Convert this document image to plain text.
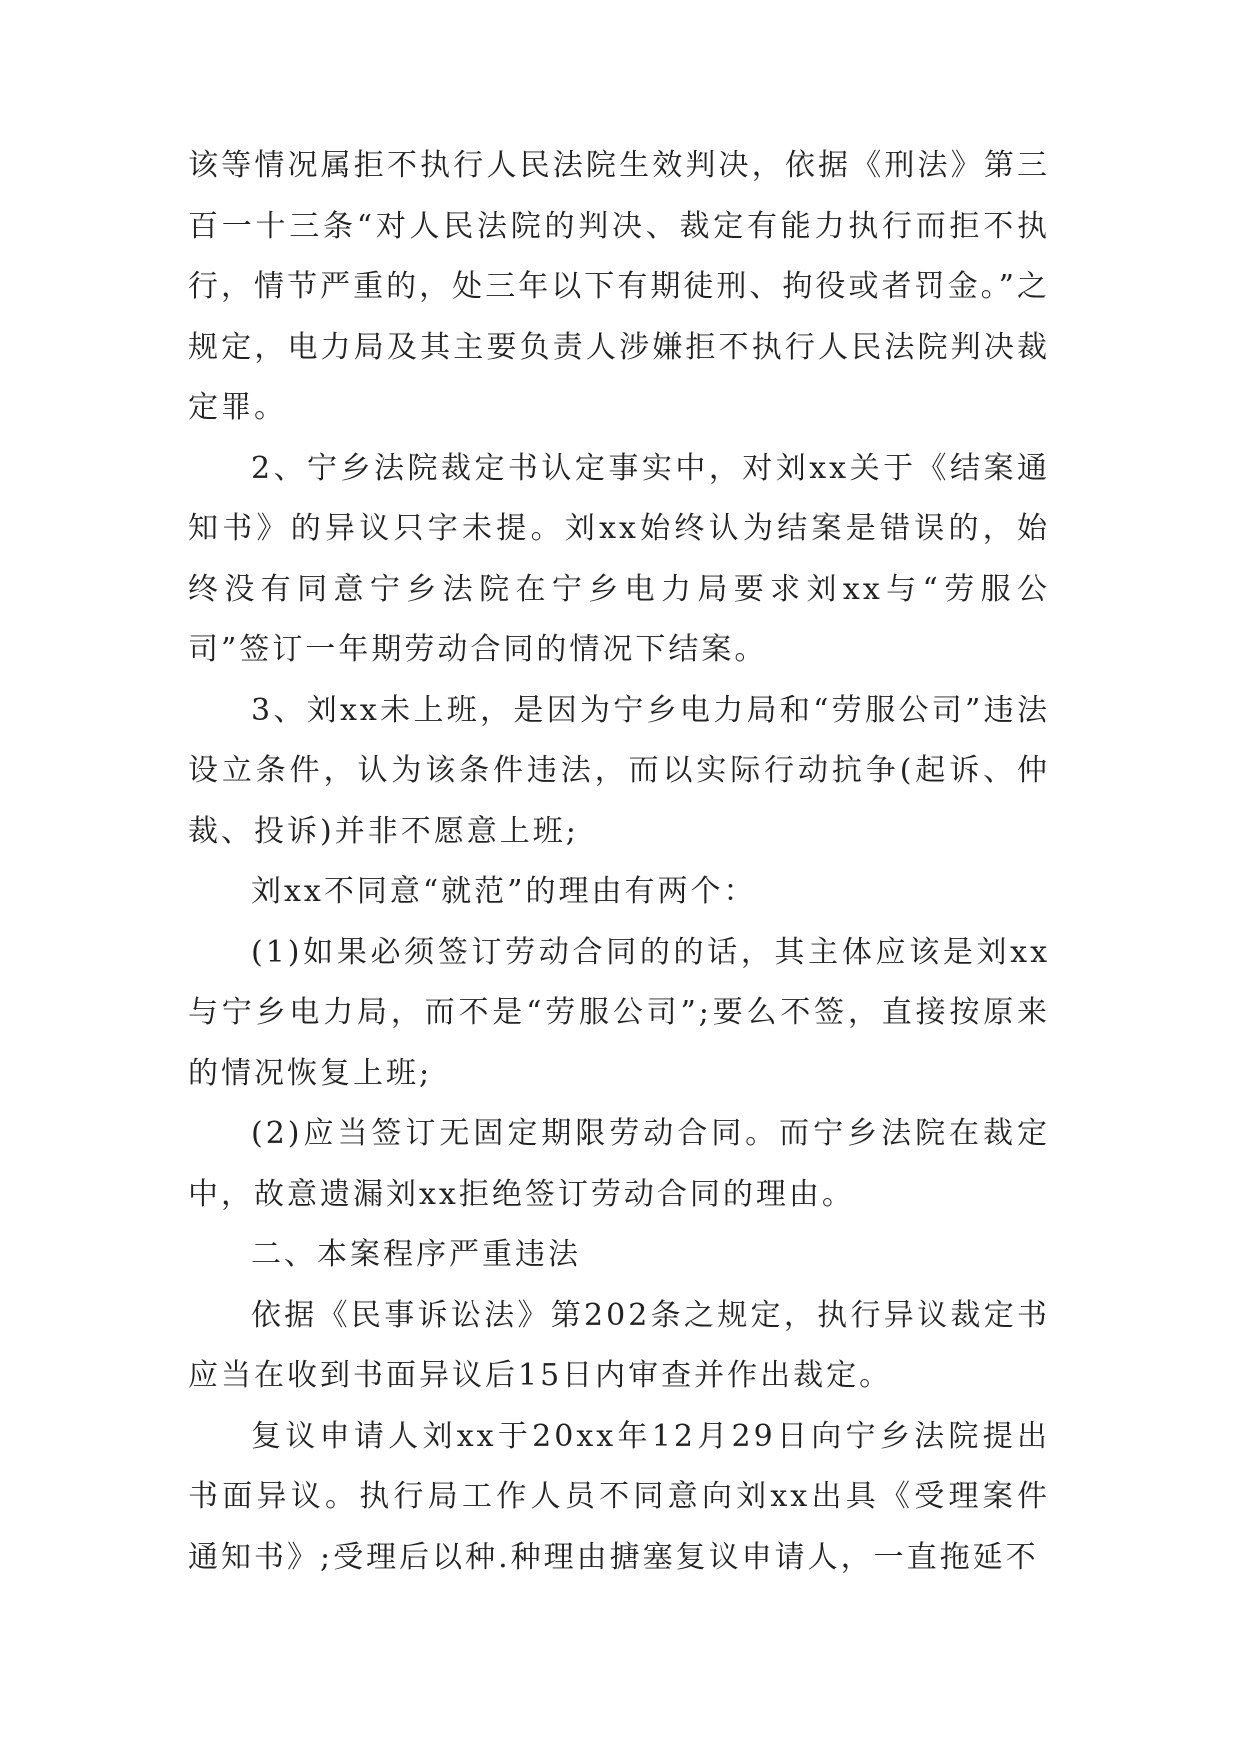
该等情况属拒不执行人民法院生效判决，依据《刑法》第三百一十三条“对人民法院的判决、裁定有能力执行而拒不执行，情节严重的，处三年以下有期徒刑、拘役或者罚金。”之规定，电力局及其主要负责人涉嫌拒不执行人民法院判决裁定罪。

2、宁乡法院裁定书认定事实中，对刘xx关于《结案通知书》的异议只字未提。刘xx始终认为结案是错误的，始终没有同意宁乡法院在宁乡电力局要求刘xx与“劳服公司”签订一年期劳动合同的情况下结案。

3、刘xx未上班，是因为宁乡电力局和“劳服公司”违法设立条件，认为该条件违法，而以实际行动抗争(起诉、仲裁、投诉)并非不愿意上班;

刘xx不同意“就范”的理由有两个：

(1)如果必须签订劳动合同的的话，其主体应该是刘xx与宁乡电力局，而不是“劳服公司”;要么不签，直接按原来的情况恢复上班;

(2)应当签订无固定期限劳动合同。而宁乡法院在裁定中，故意遗漏刘xx拒绝签订劳动合同的理由。

二、本案程序严重违法

依据《民事诉讼法》第202条之规定，执行异议裁定书应当在收到书面异议后15日内审查并作出裁定。

复议申请人刘xx于20xx年12月29日向宁乡法院提出书面异议。执行局工作人员不同意向刘xx出具《受理案件通知书》;受理后以种.种理由搪塞复议申请人，一直拖延不
